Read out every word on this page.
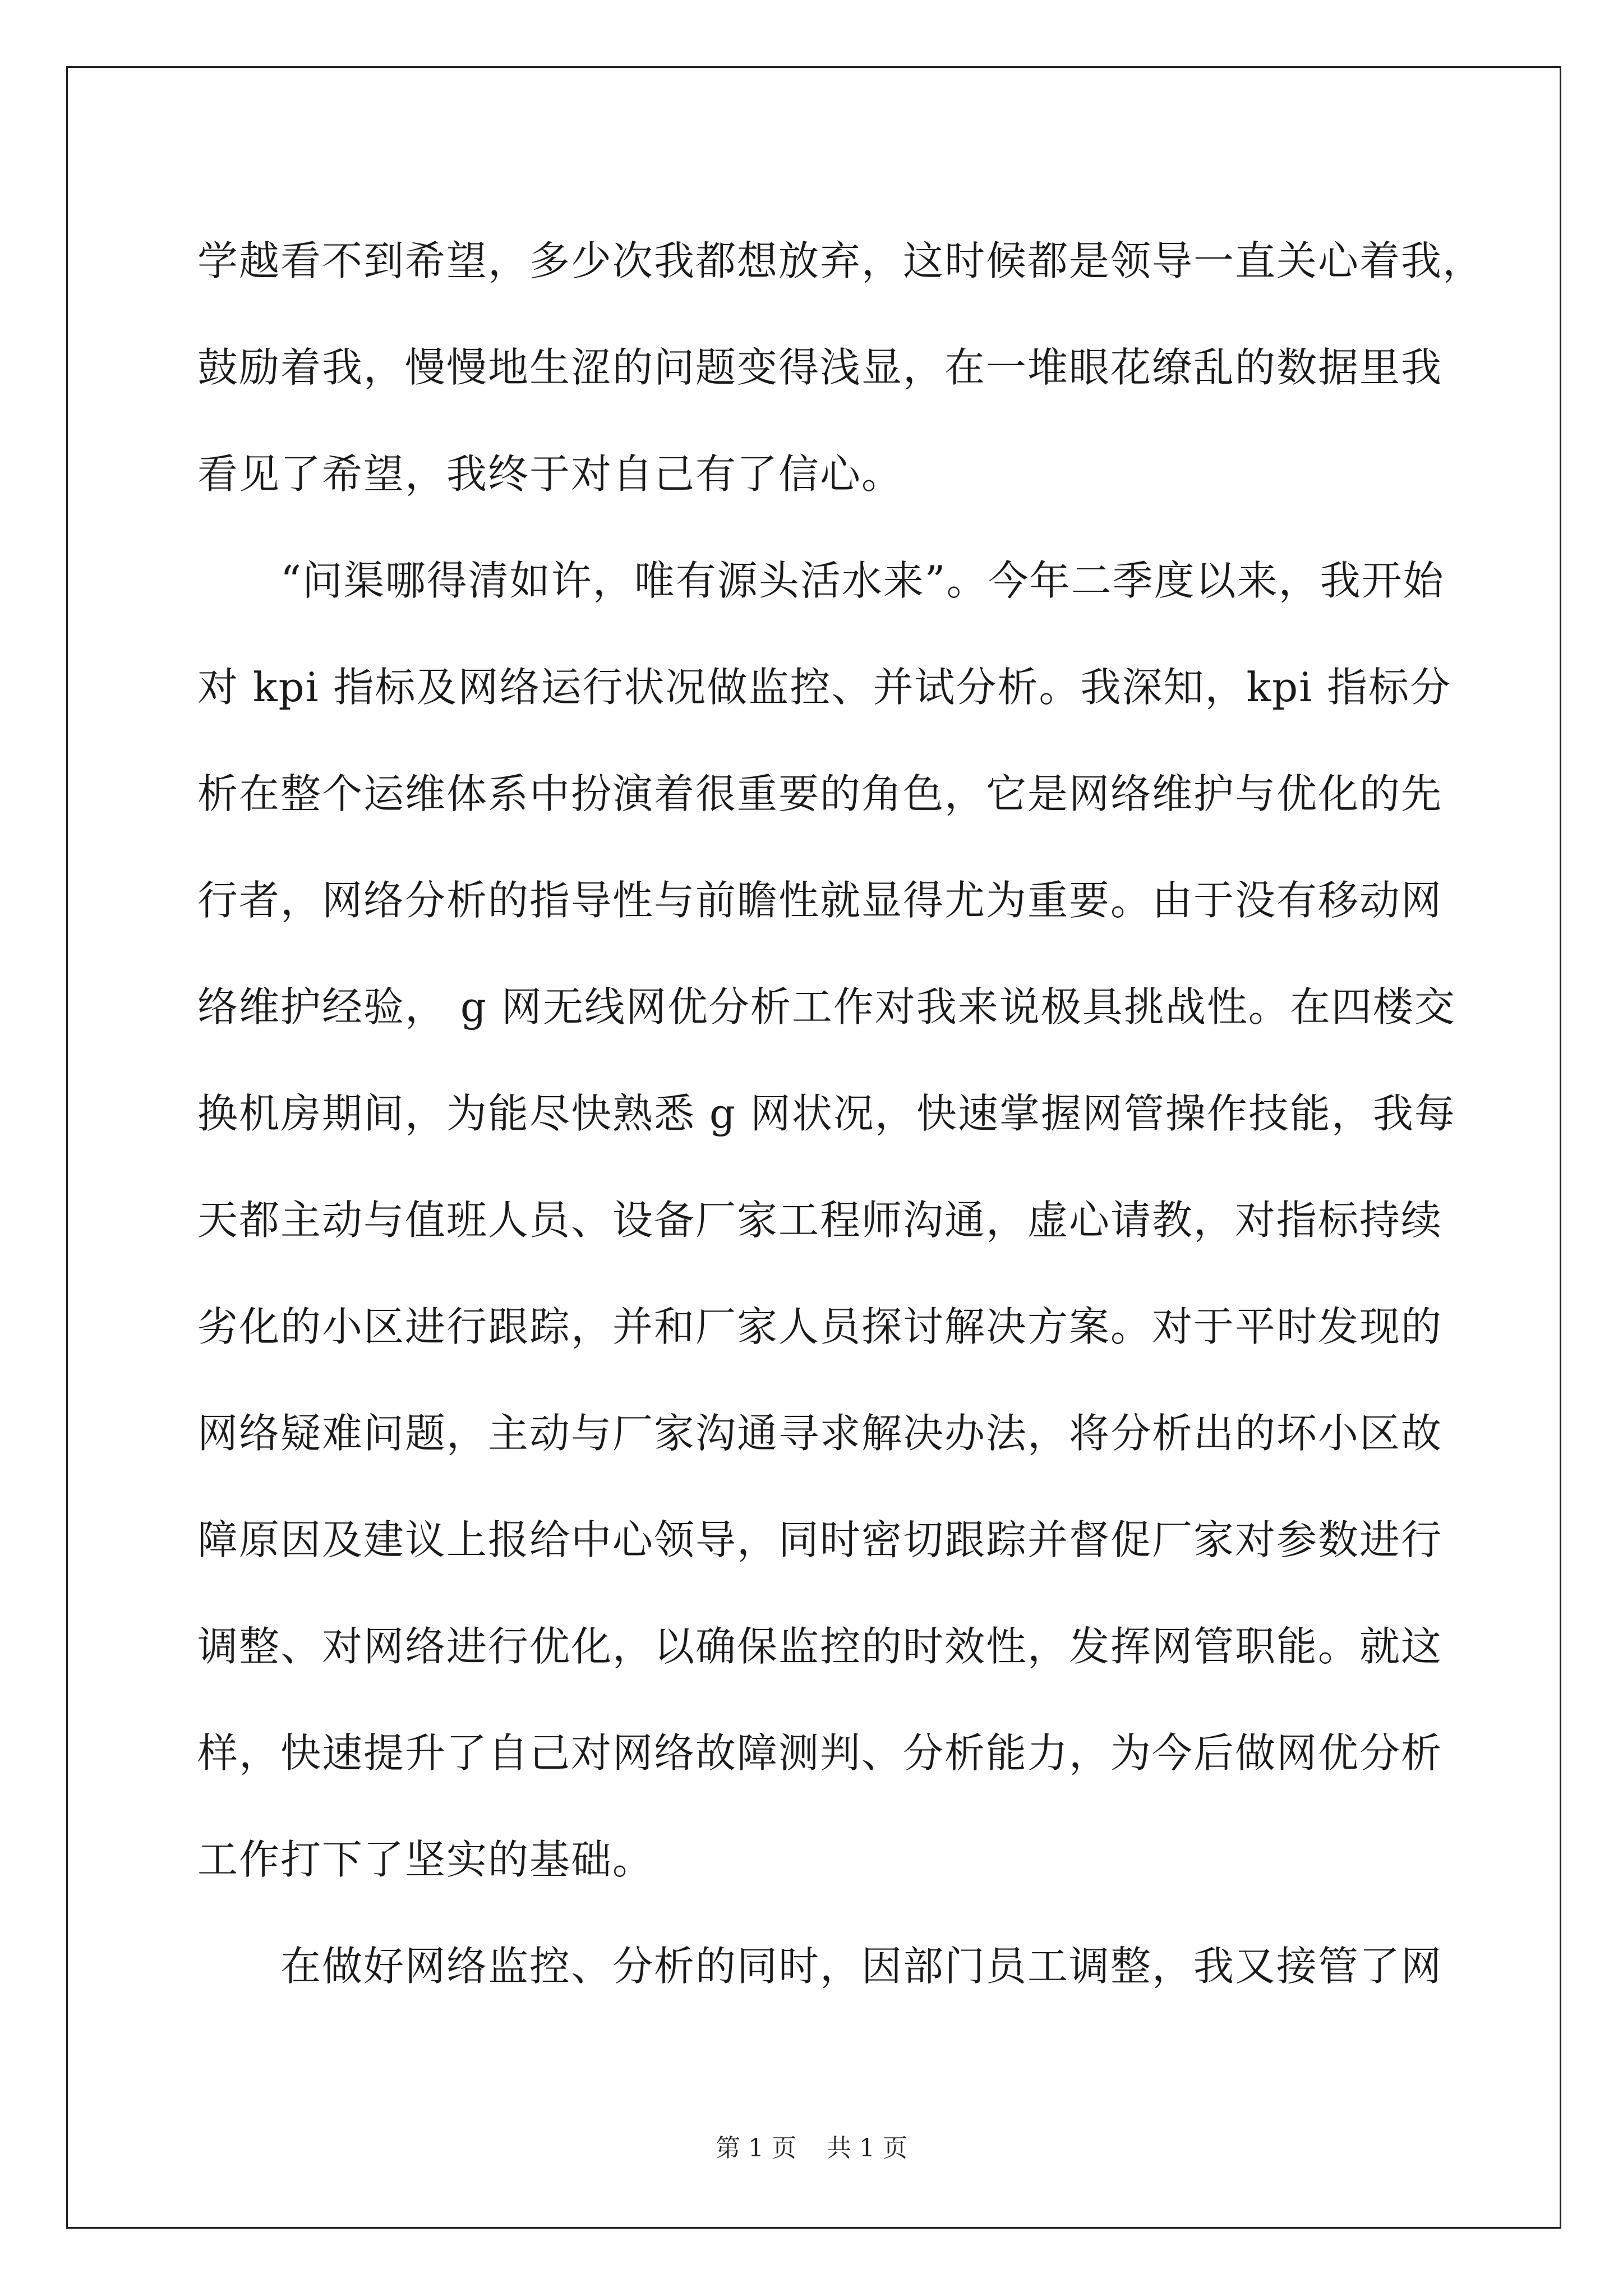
学越看不到希望，多少次我都想放弃，这时候都是领导一直关心着我，
鼓励着我，慢慢地生涩的问题变得浅显，在一堆眼花缭乱的数据里我
看见了希望，我终于对自己有了信心。
　　“问渠哪得清如许，唯有源头活水来”。今年二季度以来，我开始
对 kpi 指标及网络运行状况做监控、并试分析。我深知，kpi 指标分
析在整个运维体系中扮演着很重要的角色，它是网络维护与优化的先
行者，网络分析的指导性与前瞻性就显得尤为重要。由于没有移动网
络维护经验， g 网无线网优分析工作对我来说极具挑战性。在四楼交
换机房期间，为能尽快熟悉 g 网状况，快速掌握网管操作技能，我每
天都主动与值班人员、设备厂家工程师沟通，虚心请教，对指标持续
劣化的小区进行跟踪，并和厂家人员探讨解决方案。对于平时发现的
网络疑难问题，主动与厂家沟通寻求解决办法，将分析出的坏小区故
障原因及建议上报给中心领导，同时密切跟踪并督促厂家对参数进行
调整、对网络进行优化，以确保监控的时效性，发挥网管职能。就这
样，快速提升了自己对网络故障测判、分析能力，为今后做网优分析
工作打下了坚实的基础。
　　在做好网络监控、分析的同时，因部门员工调整，我又接管了网
第 1 页 共 1 页
